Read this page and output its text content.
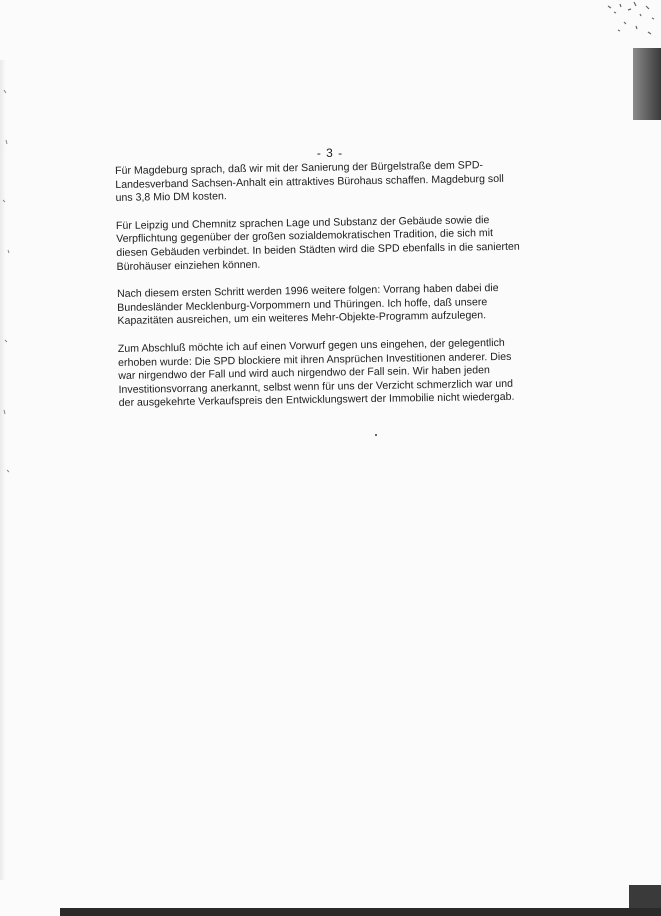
- 3 -

Für Magdeburg sprach, daß wir mit der Sanierung der Bürgelstraße dem SPD-
Landesverband Sachsen-Anhalt ein attraktives Bürohaus schaffen. Magdeburg soll
uns 3,8 Mio DM kosten.

Für Leipzig und Chemnitz sprachen Lage und Substanz der Gebäude sowie die
Verpflichtung gegenüber der großen sozialdemokratischen Tradition, die sich mit
diesen Gebäuden verbindet. In beiden Städten wird die SPD ebenfalls in die sanierten
Bürohäuser einziehen können.

Nach diesem ersten Schritt werden 1996 weitere folgen: Vorrang haben dabei die
Bundesländer Mecklenburg-Vorpommern und Thüringen. Ich hoffe, daß unsere
Kapazitäten ausreichen, um ein weiteres Mehr-Objekte-Programm aufzulegen.

Zum Abschluß möchte ich auf einen Vorwurf gegen uns eingehen, der gelegentlich
erhoben wurde: Die SPD blockiere mit ihren Ansprüchen Investitionen anderer. Dies
war nirgendwo der Fall und wird auch nirgendwo der Fall sein. Wir haben jeden
Investitionsvorrang anerkannt, selbst wenn für uns der Verzicht schmerzlich war und
der ausgekehrte Verkaufspreis den Entwicklungswert der Immobilie nicht wiedergab.
